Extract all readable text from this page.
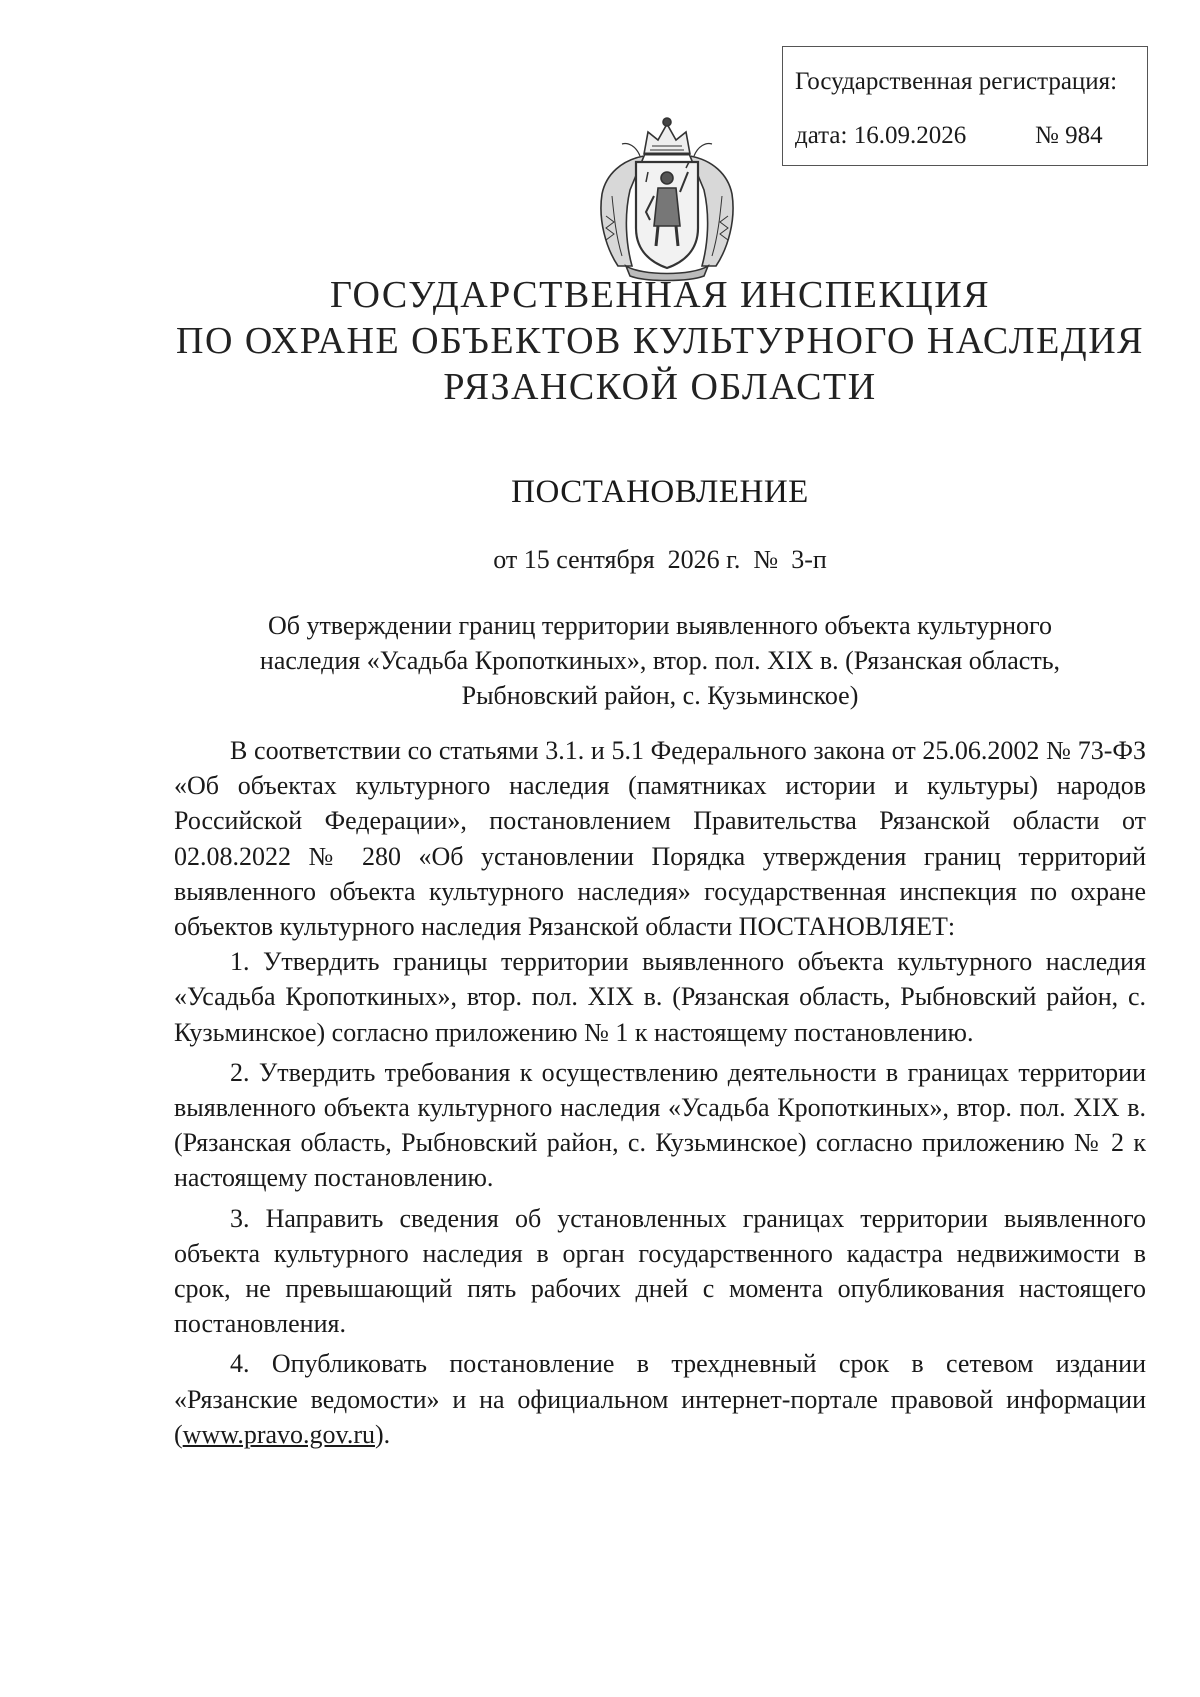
Государственная регистрация:
дата: 16.09.2026	№ 984
ГОСУДАРСТВЕННАЯ ИНСПЕКЦИЯ
ПО ОХРАНЕ ОБЪЕКТОВ КУЛЬТУРНОГО НАСЛЕДИЯ
РЯЗАНСКОЙ ОБЛАСТИ
ПОСТАНОВЛЕНИЕ
от 15 сентября  2026 г.  №  3-п
Об утверждении границ территории выявленного объекта культурного
наследия «Усадьба Кропоткиных», втор. пол. XIX в. (Рязанская область,
Рыбновский район, с. Кузьминское)

В соответствии со статьями 3.1. и 5.1 Федерального закона от 25.06.2002 № 73-ФЗ «Об объектах культурного наследия (памятниках истории и культуры) народов Российской Федерации», постановлением Правительства Рязанской области от 02.08.2022 № 280 «Об установлении Порядка утверждения границ территорий выявленного объекта культурного наследия» государственная инспекция по охране объектов культурного наследия Рязанской области ПОСТАНОВЛЯЕТ:

1. Утвердить границы территории выявленного объекта культурного наследия «Усадьба Кропоткиных», втор. пол. XIX в. (Рязанская область, Рыбновский район, с. Кузьминское) согласно приложению № 1 к настоящему постановлению.

2. Утвердить требования к осуществлению деятельности в границах территории выявленного объекта культурного наследия «Усадьба Кропоткиных», втор. пол. XIX в. (Рязанская область, Рыбновский район, с. Кузьминское) согласно приложению № 2 к настоящему постановлению.

3. Направить сведения об установленных границах территории выявленного объекта культурного наследия в орган государственного кадастра недвижимости в срок, не превышающий пять рабочих дней с момента опубликования настоящего постановления.

4. Опубликовать постановление в трехдневный срок в сетевом издании «Рязанские ведомости» и на официальном интернет-портале правовой информации (www.pravo.gov.ru).
